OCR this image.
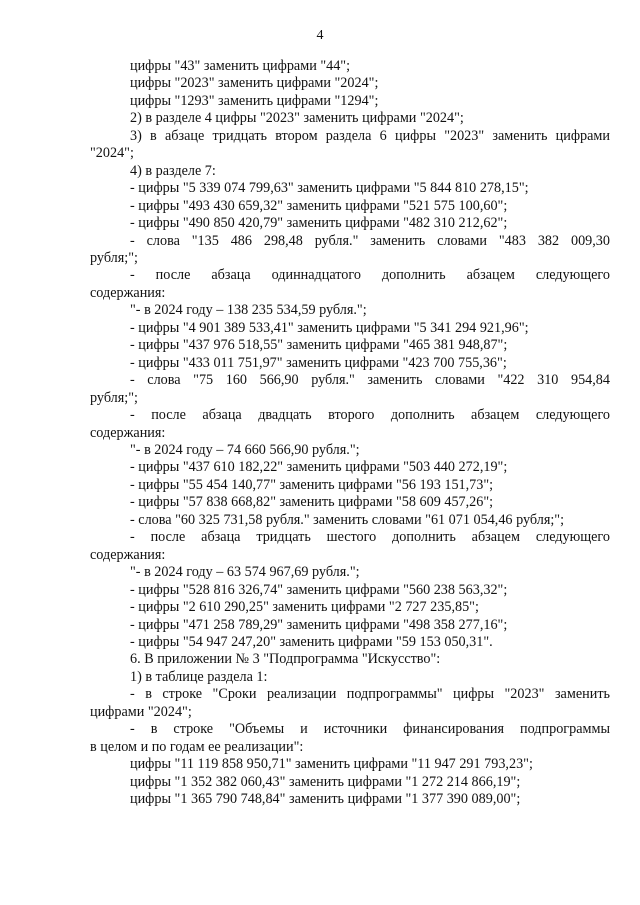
4
цифры "43" заменить цифрами "44";
цифры "2023" заменить цифрами "2024";
цифры "1293" заменить цифрами "1294";
2) в разделе 4 цифры "2023" заменить цифрами "2024";
3) в абзаце тридцать втором раздела 6 цифры "2023" заменить цифрами
"2024";
4) в разделе 7:
- цифры "5 339 074 799,63" заменить цифрами "5 844 810 278,15";
- цифры "493 430 659,32" заменить цифрами "521 575 100,60";
- цифры "490 850 420,79" заменить цифрами "482 310 212,62";
- слова "135 486 298,48 рубля." заменить словами "483 382 009,30
рубля;";
- после абзаца одиннадцатого дополнить абзацем следующего
содержания:
"- в 2024 году – 138 235 534,59 рубля.";
- цифры "4 901 389 533,41" заменить цифрами "5 341 294 921,96";
- цифры "437 976 518,55" заменить цифрами "465 381 948,87";
- цифры "433 011 751,97" заменить цифрами "423 700 755,36";
- слова "75 160 566,90 рубля." заменить словами "422 310 954,84
рубля;";
- после абзаца двадцать второго дополнить абзацем следующего
содержания:
"- в 2024 году – 74 660 566,90 рубля.";
- цифры "437 610 182,22" заменить цифрами "503 440 272,19";
- цифры "55 454 140,77" заменить цифрами "56 193 151,73";
- цифры "57 838 668,82" заменить цифрами "58 609 457,26";
- слова "60 325 731,58 рубля." заменить словами "61 071 054,46 рубля;";
- после абзаца тридцать шестого дополнить абзацем следующего
содержания:
"- в 2024 году – 63 574 967,69 рубля.";
- цифры "528 816 326,74" заменить цифрами "560 238 563,32";
- цифры "2 610 290,25" заменить цифрами "2 727 235,85";
- цифры "471 258 789,29" заменить цифрами "498 358 277,16";
- цифры "54 947 247,20" заменить цифрами "59 153 050,31".
6. В приложении № 3 "Подпрограмма "Искусство":
1) в таблице раздела 1:
- в строке "Сроки реализации подпрограммы" цифры "2023" заменить
цифрами "2024";
- в строке "Объемы и источники финансирования подпрограммы
в целом и по годам ее реализации":
цифры "11 119 858 950,71" заменить цифрами "11 947 291 793,23";
цифры "1 352 382 060,43" заменить цифрами "1 272 214 866,19";
цифры "1 365 790 748,84" заменить цифрами "1 377 390 089,00";
